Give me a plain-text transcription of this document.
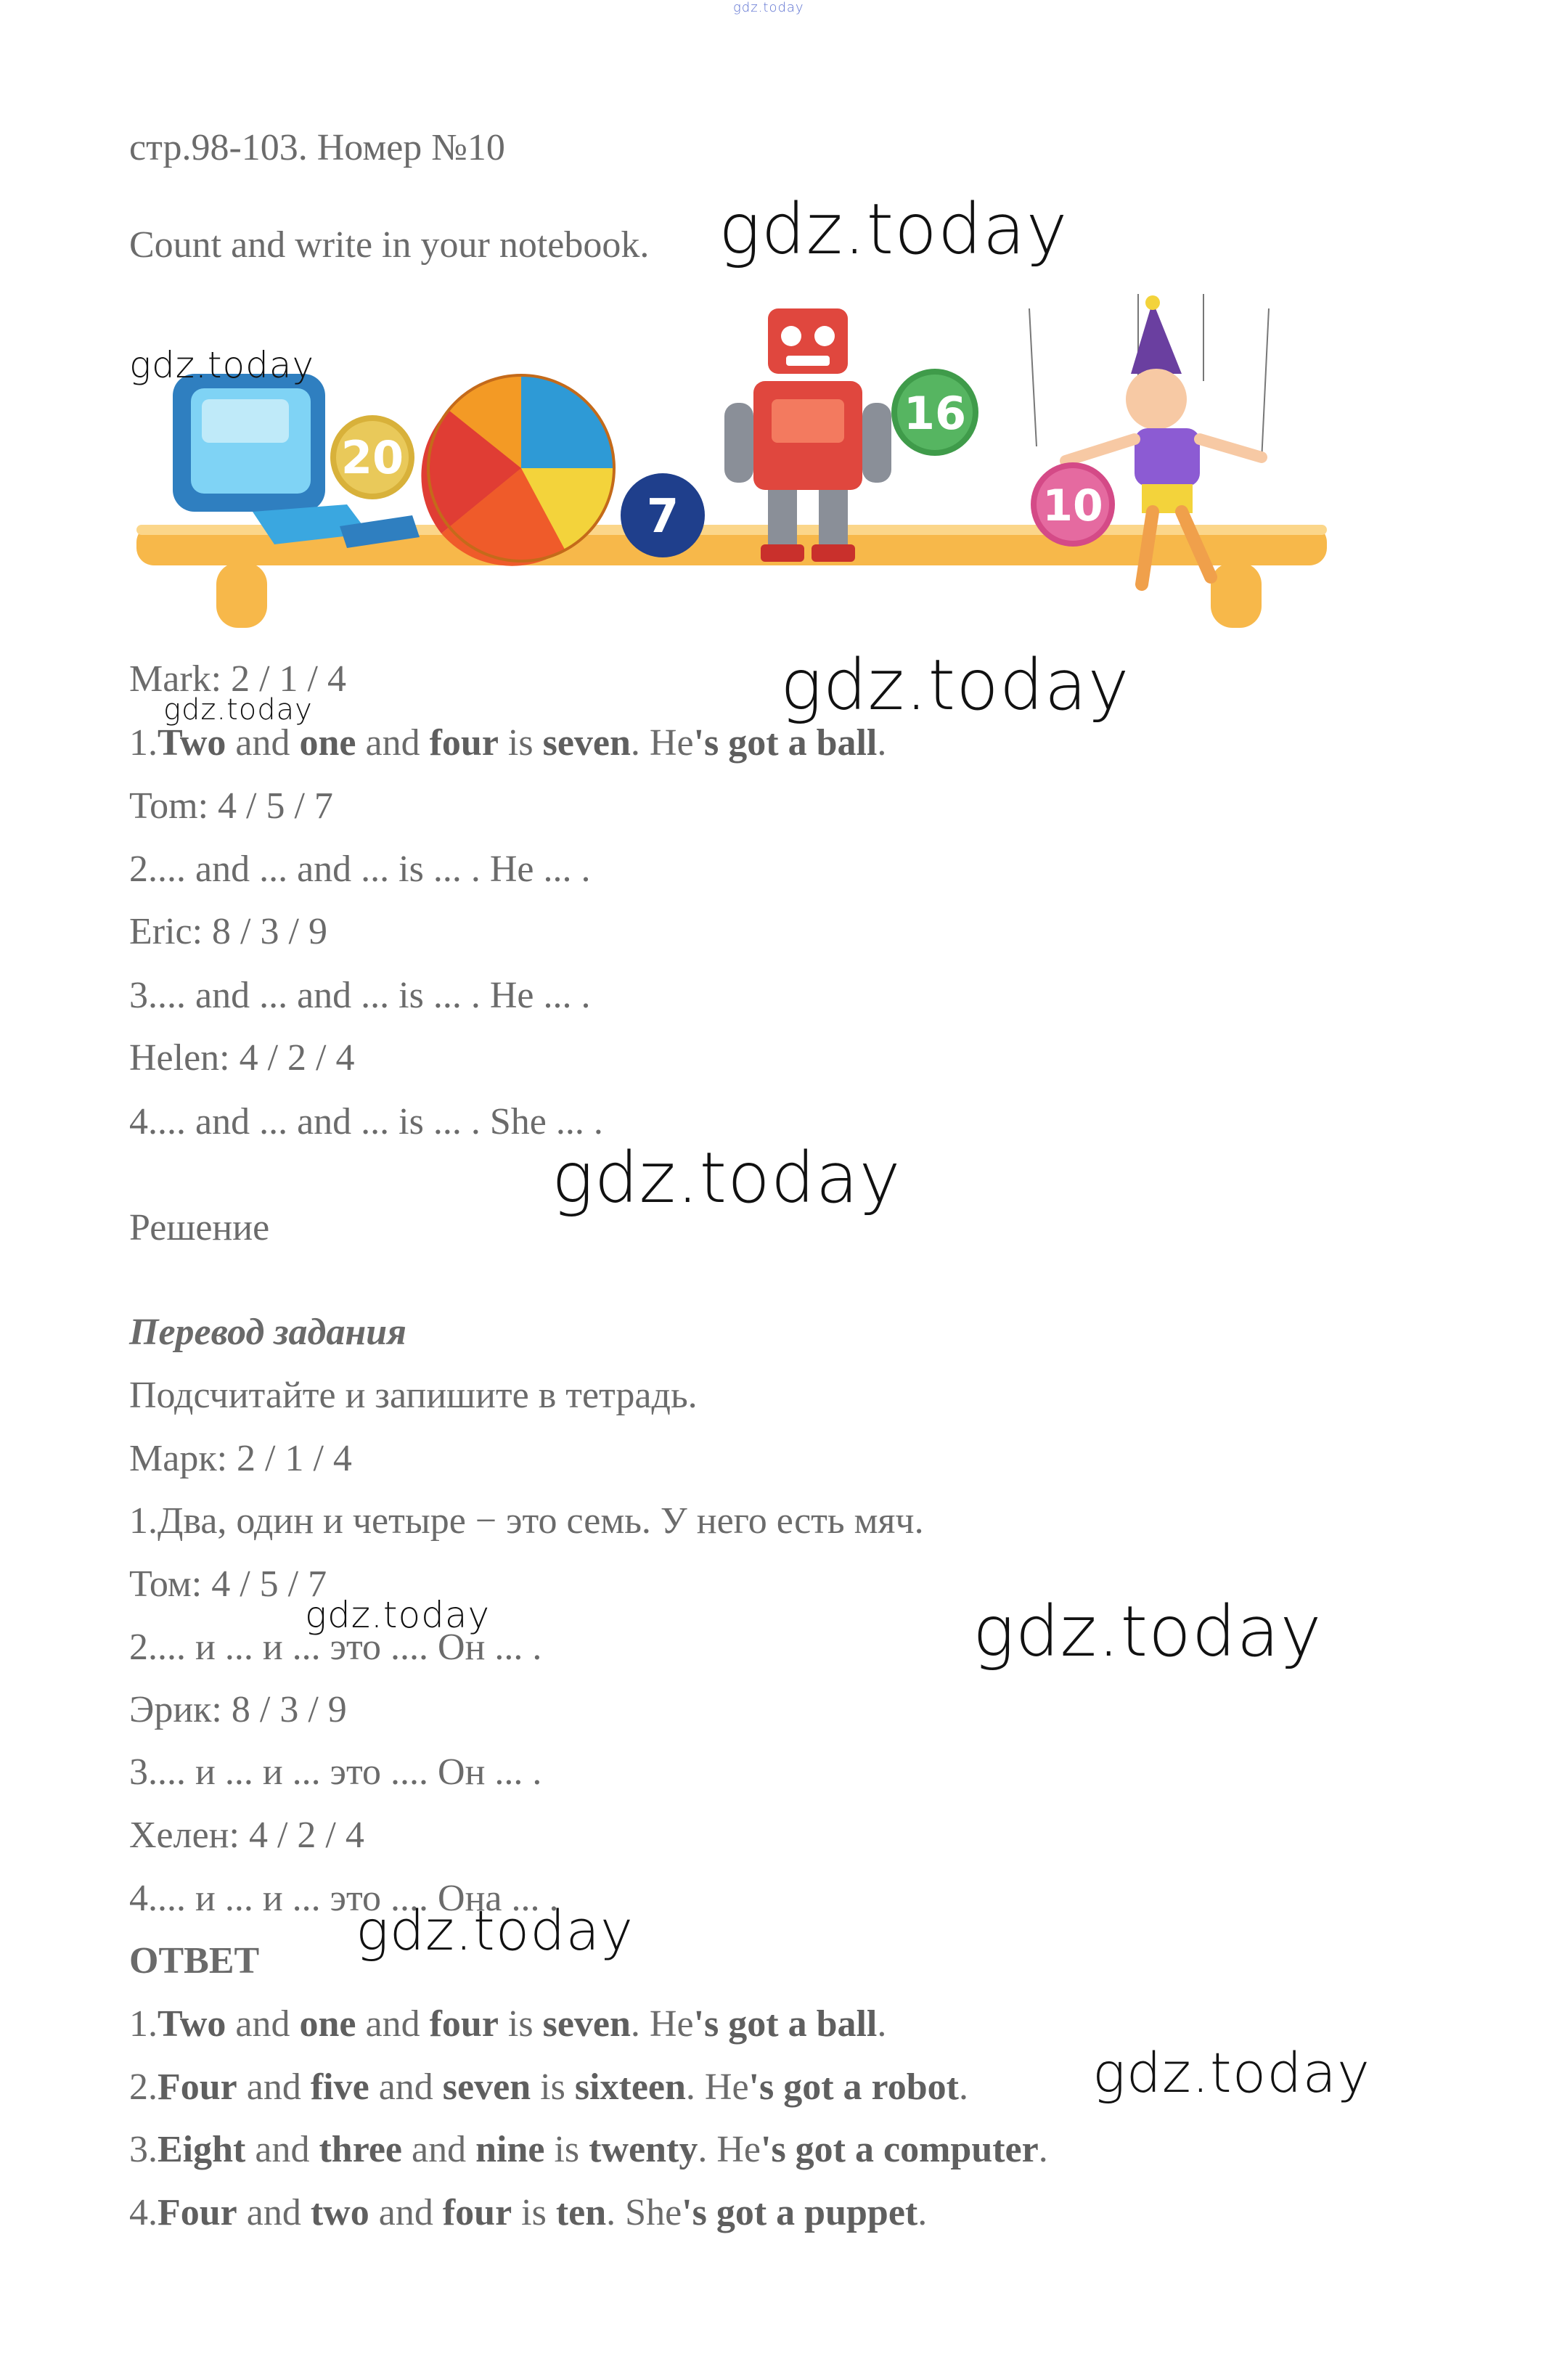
gdz.today
стр.98-103. Номер №10
Count and write in your notebook. gdz.today
20
7
16
10
gdz.today
Mark: 2 / 1 / 4	gdz.today
gdz.today
1.Two and one and four is seven. He's got a ball.
Tom: 4 / 5 / 7
2.... and ... and ... is ... . He ... .
Eric: 8 / 3 / 9
3.... and ... and ... is ... . He ... .
Helen: 4 / 2 / 4
4.... and ... and ... is ... . She ... .
gdz.today
Решение
Перевод задания
Подсчитайте и запишите в тетрадь.
Марк: 2 / 1 / 4
1.Два, один и четыре − это семь. У него есть мяч.
Том: 4 / 5 / 7
gdz.today
2.... и ... и ... это .... Он ... .	gdz.today
Эрик: 8 / 3 / 9
3.... и ... и ... это .... Он ... .
Хелен: 4 / 2 / 4
4.... и ... и ... это .... Она ... .
gdz.today
ОТВЕТ
1.Two and one and four is seven. He's got a ball.
2.Four and five and seven is sixteen. He's got a robot. gdz.today
3.Eight and three and nine is twenty. He's got a computer.
4.Four and two and four is ten. She's got a puppet.
